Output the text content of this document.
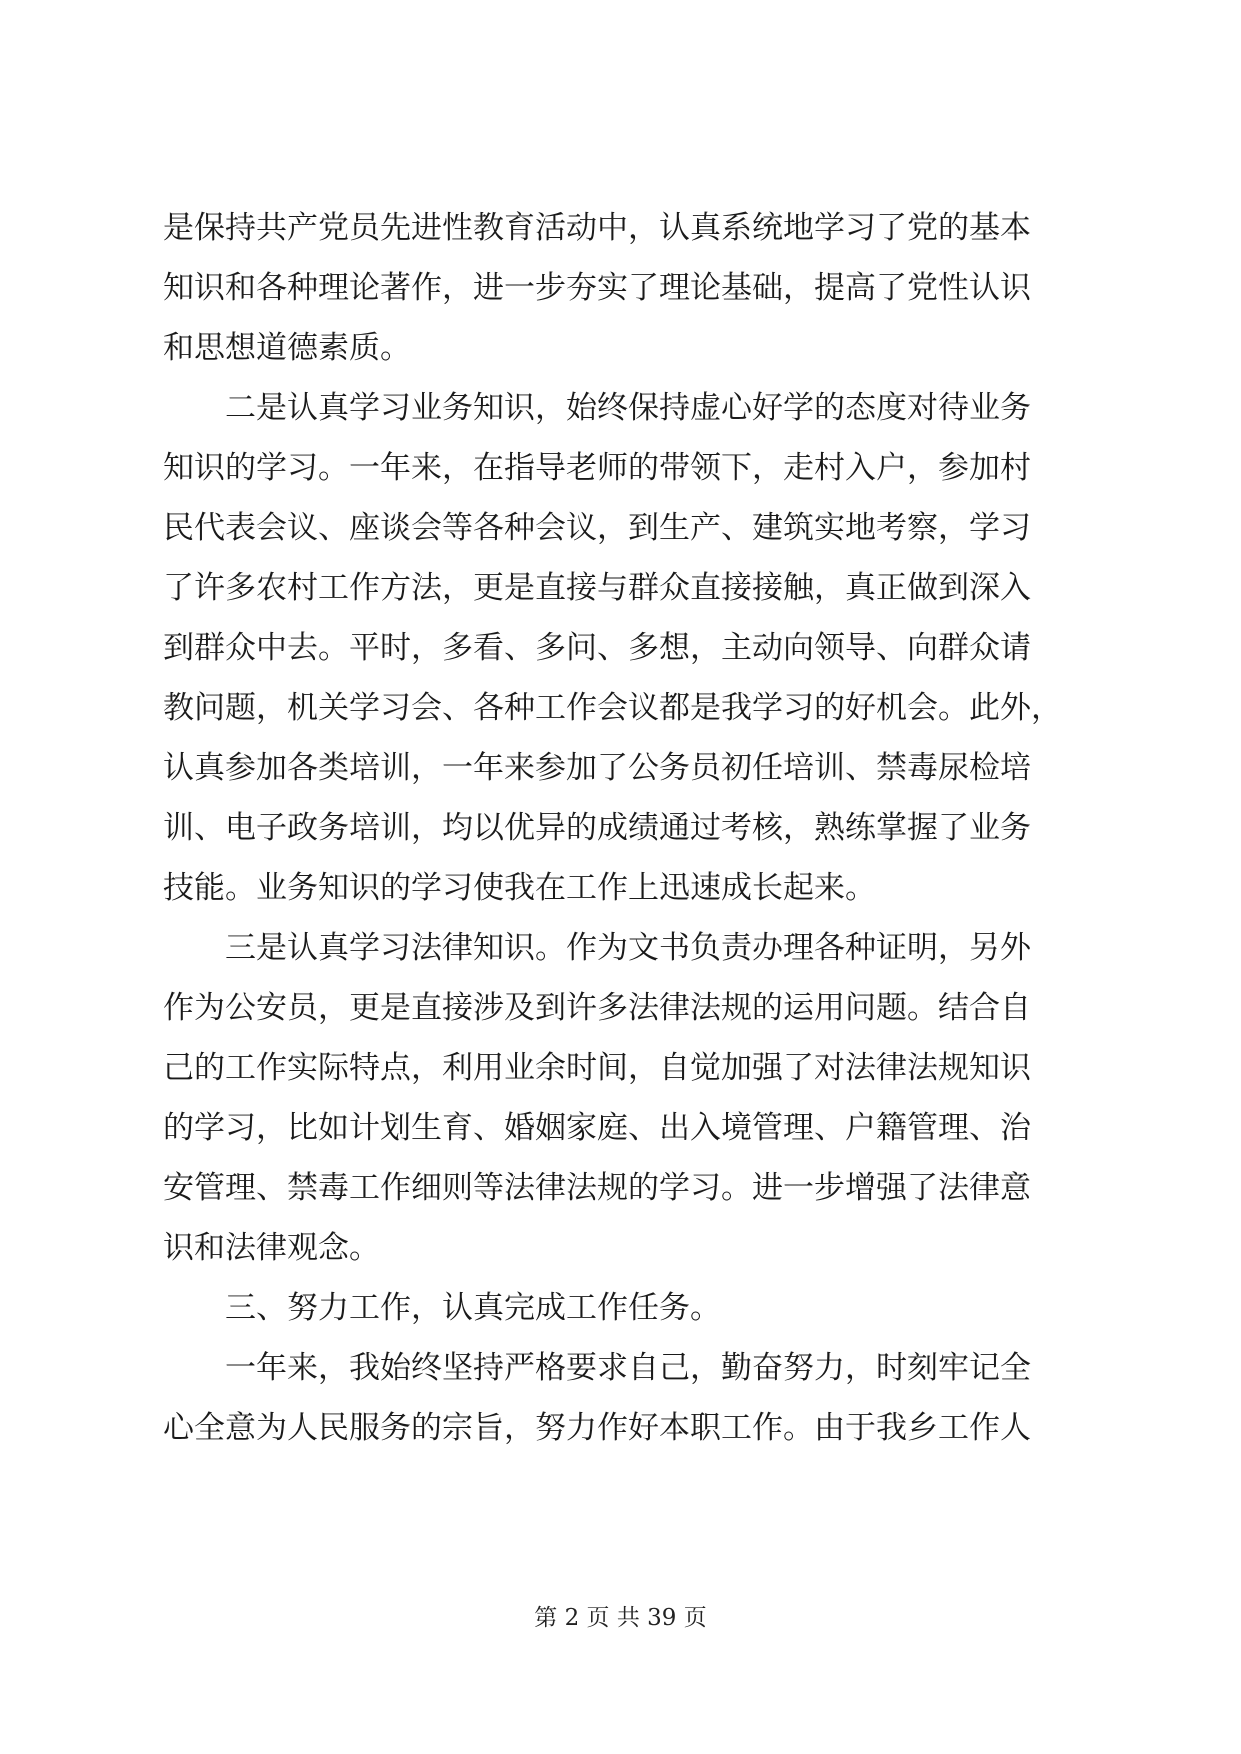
是保持共产党员先进性教育活动中，认真系统地学习了党的基本
知识和各种理论著作，进一步夯实了理论基础，提高了党性认识
和思想道德素质。
二是认真学习业务知识，始终保持虚心好学的态度对待业务
知识的学习。一年来，在指导老师的带领下，走村入户，参加村
民代表会议、座谈会等各种会议，到生产、建筑实地考察，学习
了许多农村工作方法，更是直接与群众直接接触，真正做到深入
到群众中去。平时，多看、多问、多想，主动向领导、向群众请
教问题，机关学习会、各种工作会议都是我学习的好机会。此外，
认真参加各类培训，一年来参加了公务员初任培训、禁毒尿检培
训、电子政务培训，均以优异的成绩通过考核，熟练掌握了业务
技能。业务知识的学习使我在工作上迅速成长起来。
三是认真学习法律知识。作为文书负责办理各种证明，另外
作为公安员，更是直接涉及到许多法律法规的运用问题。结合自
己的工作实际特点，利用业余时间，自觉加强了对法律法规知识
的学习，比如计划生育、婚姻家庭、出入境管理、户籍管理、治
安管理、禁毒工作细则等法律法规的学习。进一步增强了法律意
识和法律观念。
三、努力工作，认真完成工作任务。
一年来，我始终坚持严格要求自己，勤奋努力，时刻牢记全
心全意为人民服务的宗旨，努力作好本职工作。由于我乡工作人
第 2 页 共 39 页
